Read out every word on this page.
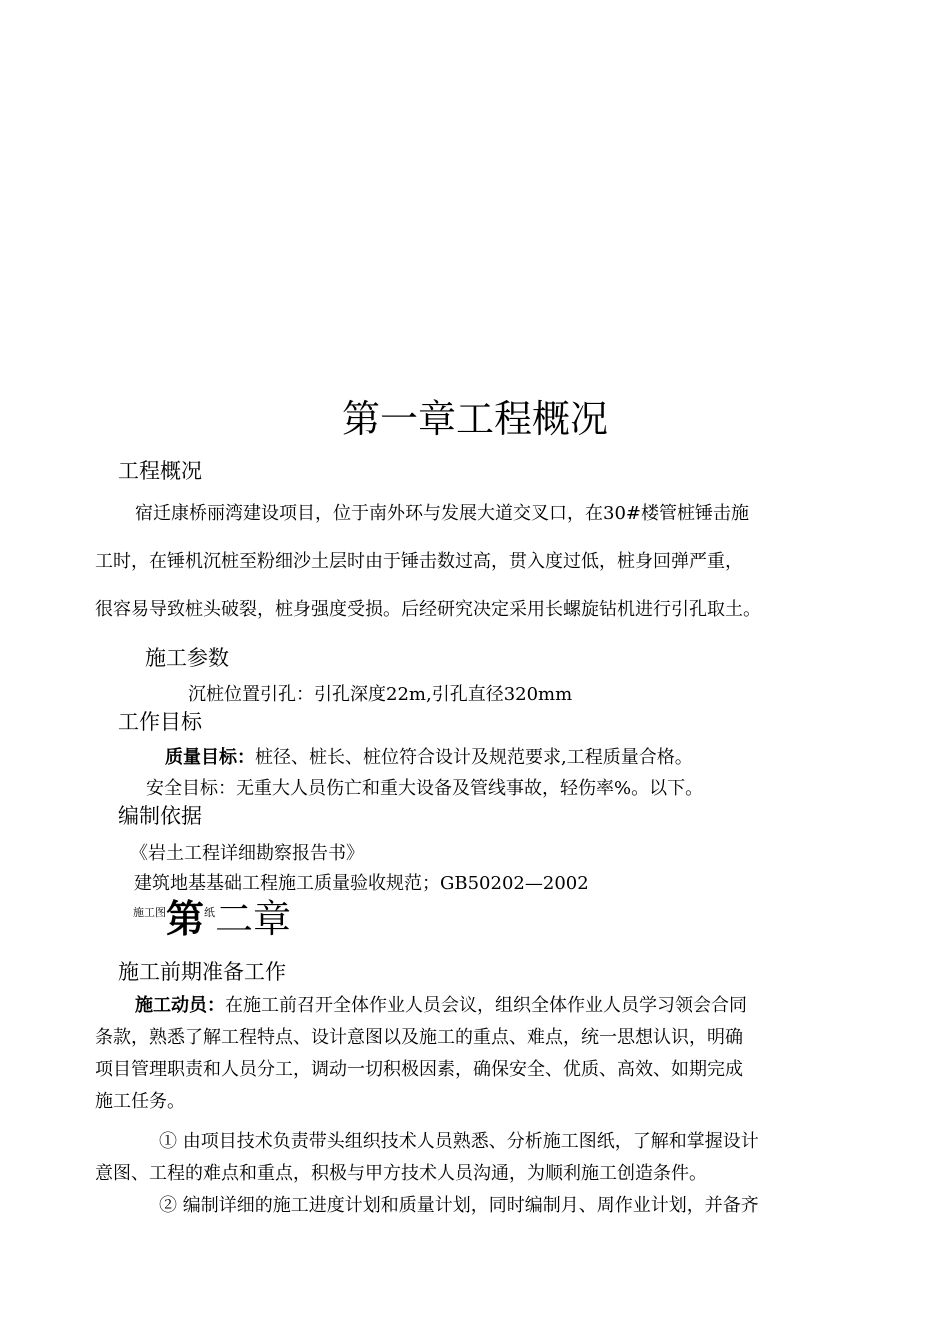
第一章工程概况
工程概况
宿迁康桥丽湾建设项目，位于南外环与发展大道交叉口，在30#楼管桩锤击施
工时，在锤机沉桩至粉细沙土层时由于锤击数过高，贯入度过低，桩身回弹严重，
很容易导致桩头破裂，桩身强度受损。后经研究决定采用长螺旋钻机进行引孔取土。
施工参数
沉桩位置引孔：引孔深度22m,引孔直径320mm
工作目标
质量目标：桩径、桩长、桩位符合设计及规范要求,工程质量合格。
安全目标：无重大人员伤亡和重大设备及管线事故，轻伤率%。以下。
编制依据
《岩土工程详细勘察报告书》
建筑地基基础工程施工质量验收规范；GB50202—2002
施工图 第 纸 二章
施工前期准备工作
施工动员：在施工前召开全体作业人员会议，组织全体作业人员学习领会合同
条款，熟悉了解工程特点、设计意图以及施工的重点、难点，统一思想认识，明确
项目管理职责和人员分工，调动一切积极因素，确保安全、优质、高效、如期完成
施工任务。
① 由项目技术负责带头组织技术人员熟悉、分析施工图纸，了解和掌握设计
意图、工程的难点和重点，积极与甲方技术人员沟通，为顺利施工创造条件。
② 编制详细的施工进度计划和质量计划，同时编制月、周作业计划，并备齐
